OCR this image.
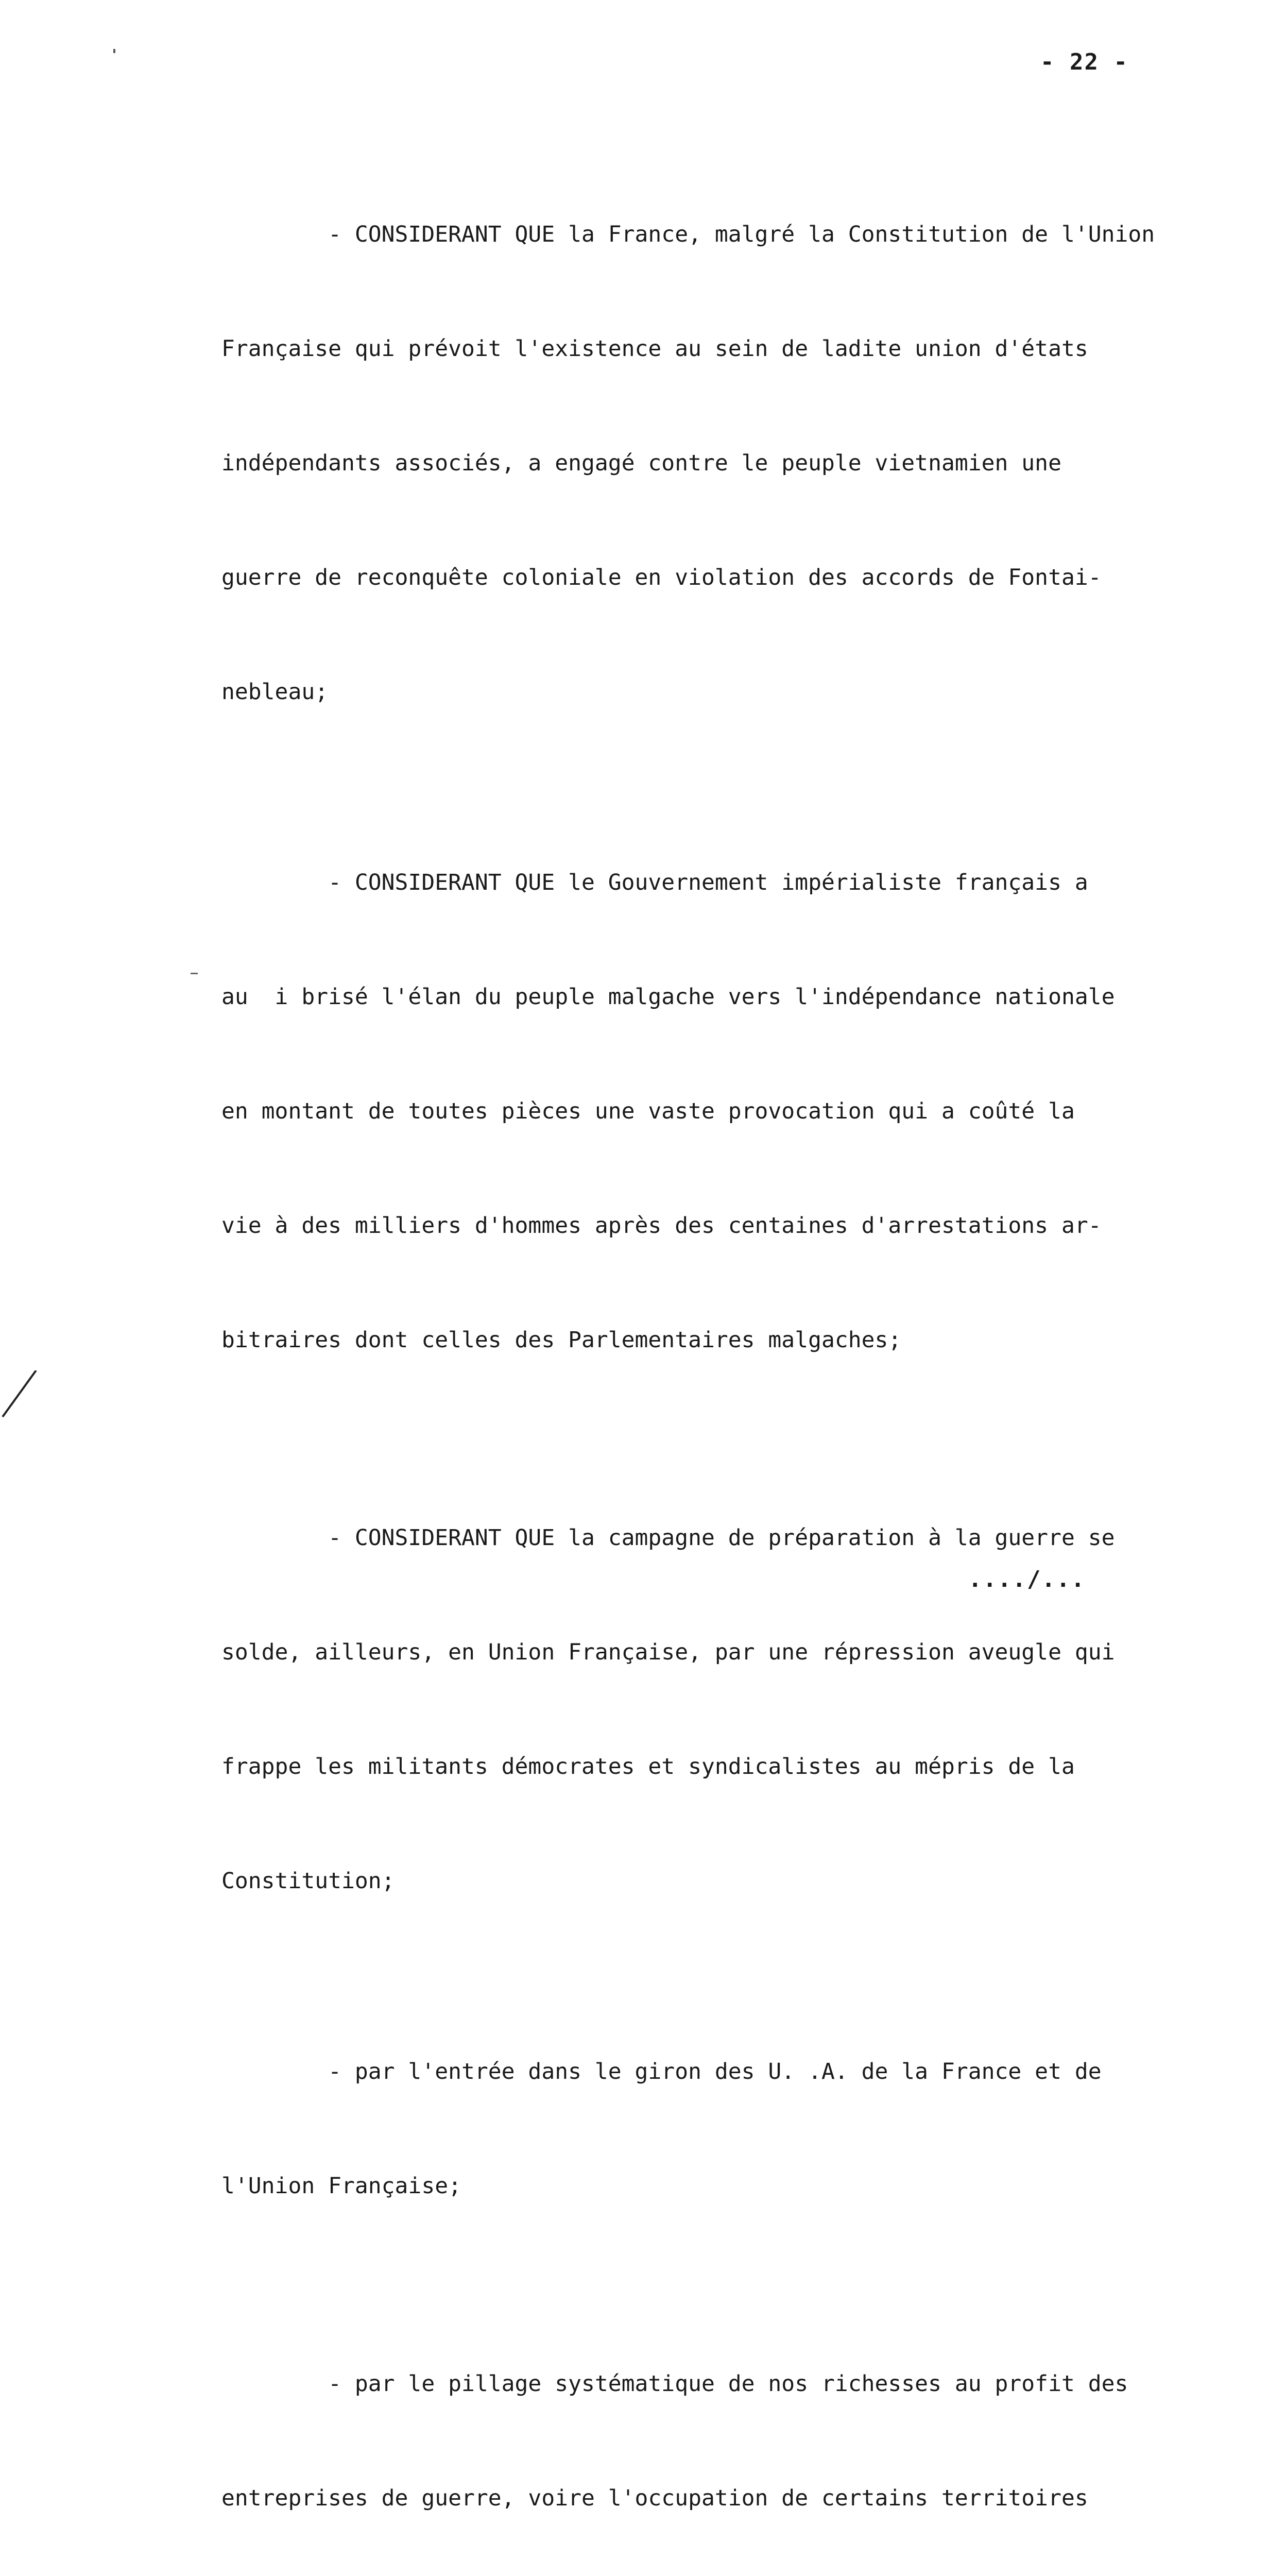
- 22 -

- CONSIDERANT QUE la France, malgré la Constitution de l'Union

Française qui prévoit l'existence au sein de ladite union d'états

indépendants associés, a engagé contre le peuple vietnamien une

guerre de reconquête coloniale en violation des accords de Fontai-

nebleau;

- CONSIDERANT QUE le Gouvernement impérialiste français a

au  i brisé l'élan du peuple malgache vers l'indépendance nationale

en montant de toutes pièces une vaste provocation qui a coûté la

vie à des milliers d'hommes après des centaines d'arrestations ar-

bitraires dont celles des Parlementaires malgaches;

- CONSIDERANT QUE la campagne de préparation à la guerre se

solde, ailleurs, en Union Française, par une répression aveugle qui

frappe les militants démocrates et syndicalistes au mépris de la

Constitution;

- par l'entrée dans le giron des U. .A. de la France et de

l'Union Française;

- par le pillage systématique de nos richesses au profit des

entreprises de guerre, voire l'occupation de certains territoires

..../...
